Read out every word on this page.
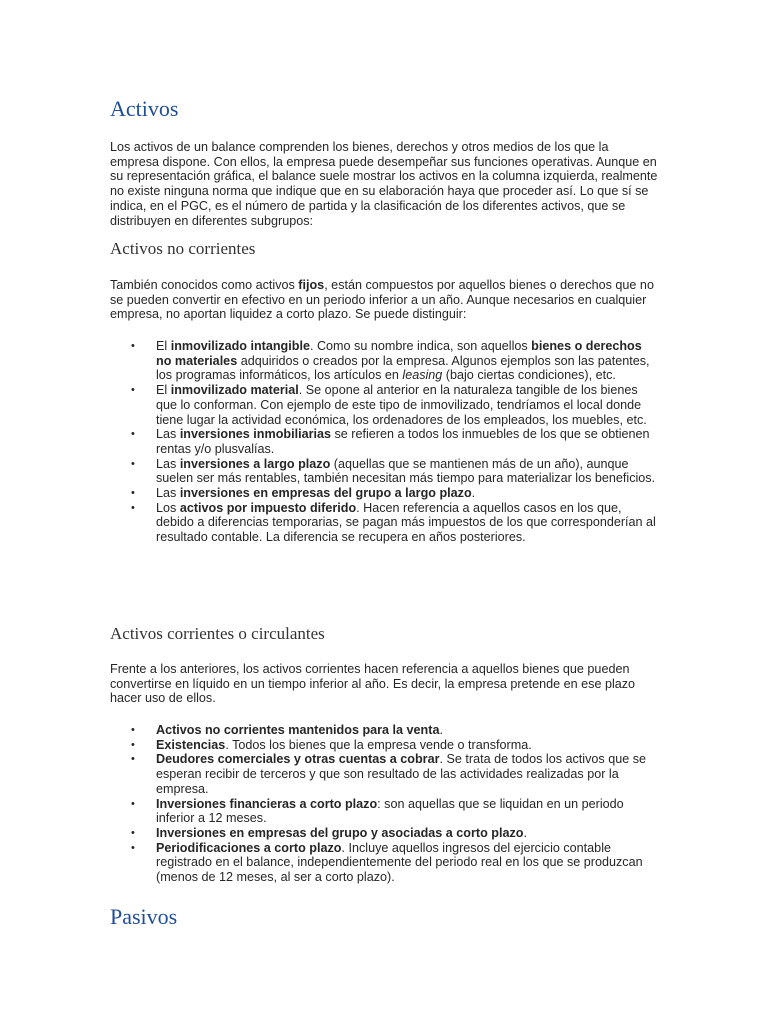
Activos

Los activos de un balance comprenden los bienes, derechos y otros medios de los que la empresa dispone. Con ellos, la empresa puede desempeñar sus funciones operativas. Aunque en su representación gráfica, el balance suele mostrar los activos en la columna izquierda, realmente no existe ninguna norma que indique que en su elaboración haya que proceder así. Lo que sí se indica, en el PGC, es el número de partida y la clasificación de los diferentes activos, que se distribuyen en diferentes subgrupos:

Activos no corrientes

También conocidos como activos fijos, están compuestos por aquellos bienes o derechos que no se pueden convertir en efectivo en un periodo inferior a un año. Aunque necesarios en cualquier empresa, no aportan liquidez a corto plazo. Se puede distinguir:

• El inmovilizado intangible. Como su nombre indica, son aquellos bienes o derechos no materiales adquiridos o creados por la empresa. Algunos ejemplos son las patentes, los programas informáticos, los artículos en leasing (bajo ciertas condiciones), etc.
• El inmovilizado material. Se opone al anterior en la naturaleza tangible de los bienes que lo conforman. Con ejemplo de este tipo de inmovilizado, tendríamos el local donde tiene lugar la actividad económica, los ordenadores de los empleados, los muebles, etc.
• Las inversiones inmobiliarias se refieren a todos los inmuebles de los que se obtienen rentas y/o plusvalías.
• Las inversiones a largo plazo (aquellas que se mantienen más de un año), aunque suelen ser más rentables, también necesitan más tiempo para materializar los beneficios.
• Las inversiones en empresas del grupo a largo plazo.
• Los activos por impuesto diferido. Hacen referencia a aquellos casos en los que, debido a diferencias temporarias, se pagan más impuestos de los que corresponderían al resultado contable. La diferencia se recupera en años posteriores.
Activos corrientes o circulantes

Frente a los anteriores, los activos corrientes hacen referencia a aquellos bienes que pueden convertirse en líquido en un tiempo inferior al año. Es decir, la empresa pretende en ese plazo hacer uso de ellos.

• Activos no corrientes mantenidos para la venta.
• Existencias. Todos los bienes que la empresa vende o transforma.
• Deudores comerciales y otras cuentas a cobrar. Se trata de todos los activos que se esperan recibir de terceros y que son resultado de las actividades realizadas por la empresa.
• Inversiones financieras a corto plazo: son aquellas que se liquidan en un periodo inferior a 12 meses.
• Inversiones en empresas del grupo y asociadas a corto plazo.
• Periodificaciones a corto plazo. Incluye aquellos ingresos del ejercicio contable registrado en el balance, independientemente del periodo real en los que se produzcan (menos de 12 meses, al ser a corto plazo).
Pasivos
